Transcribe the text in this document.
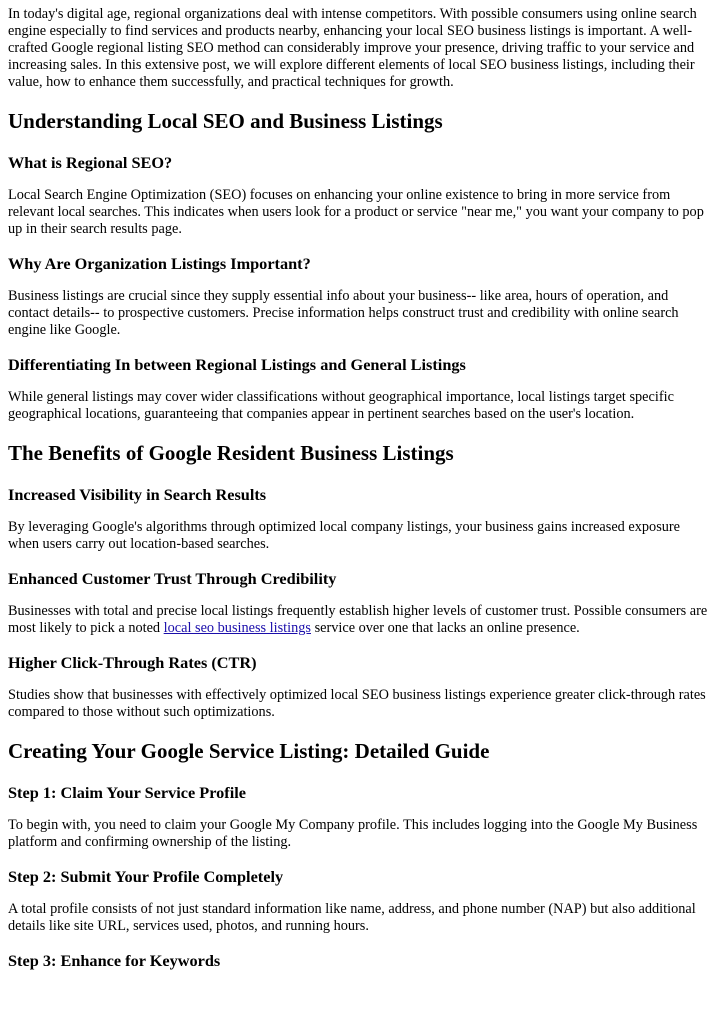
In today's digital age, regional organizations deal with intense competitors. With possible consumers using online search engine especially to find services and products nearby, enhancing your local SEO business listings is important. A well-crafted Google regional listing SEO method can considerably improve your presence, driving traffic to your service and increasing sales. In this extensive post, we will explore different elements of local SEO business listings, including their value, how to enhance them successfully, and practical techniques for growth.

Understanding Local SEO and Business Listings
What is Regional SEO?

Local Search Engine Optimization (SEO) focuses on enhancing your online existence to bring in more service from relevant local searches. This indicates when users look for a product or service "near me," you want your company to pop up in their search results page.

Why Are Organization Listings Important?

Business listings are crucial since they supply essential info about your business-- like area, hours of operation, and contact details-- to prospective customers. Precise information helps construct trust and credibility with online search engine like Google.

Differentiating In between Regional Listings and General Listings

While general listings may cover wider classifications without geographical importance, local listings target specific geographical locations, guaranteeing that companies appear in pertinent searches based on the user's location.

The Benefits of Google Resident Business Listings
Increased Visibility in Search Results

By leveraging Google's algorithms through optimized local company listings, your business gains increased exposure when users carry out location-based searches.

Enhanced Customer Trust Through Credibility

Businesses with total and precise local listings frequently establish higher levels of customer trust. Possible consumers are most likely to pick a noted local seo business listings service over one that lacks an online presence.

Higher Click-Through Rates (CTR)

Studies show that businesses with effectively optimized local SEO business listings experience greater click-through rates compared to those without such optimizations.

Creating Your Google Service Listing: Detailed Guide
Step 1: Claim Your Service Profile

To begin with, you need to claim your Google My Company profile. This includes logging into the Google My Business platform and confirming ownership of the listing.

Step 2: Submit Your Profile Completely

A total profile consists of not just standard information like name, address, and phone number (NAP) but also additional details like site URL, services used, photos, and running hours.

Step 3: Enhance for Keywords
